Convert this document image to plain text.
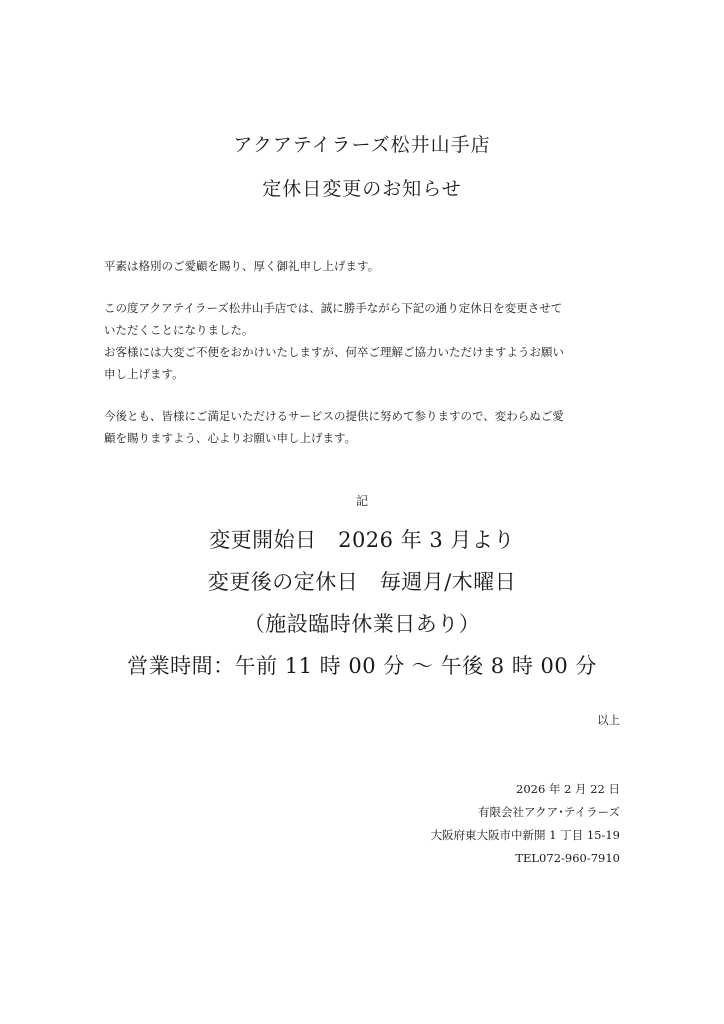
アクアテイラーズ松井山手店
定休日変更のお知らせ
平素は格別のご愛顧を賜り、厚く御礼申し上げます。
この度アクアテイラーズ松井山手店では、誠に勝手ながら下記の通り定休日を変更させて
いただくことになりました。
お客様には大変ご不便をおかけいたしますが、何卒ご理解ご協力いただけますようお願い
申し上げます。
今後とも、皆様にご満足いただけるサービスの提供に努めて参りますので、変わらぬご愛
顧を賜りますよう、心よりお願い申し上げます。
記
変更開始日　2026 年 3 月より
変更後の定休日　毎週月/木曜日
（施設臨時休業日あり）
営業時間：午前 11 時 00 分 ～ 午後 8 時 00 分
以上
2026 年 2 月 22 日
有限会社アクア･テイラーズ
大阪府東大阪市中新開 1 丁目 15-19
TEL072-960-7910
